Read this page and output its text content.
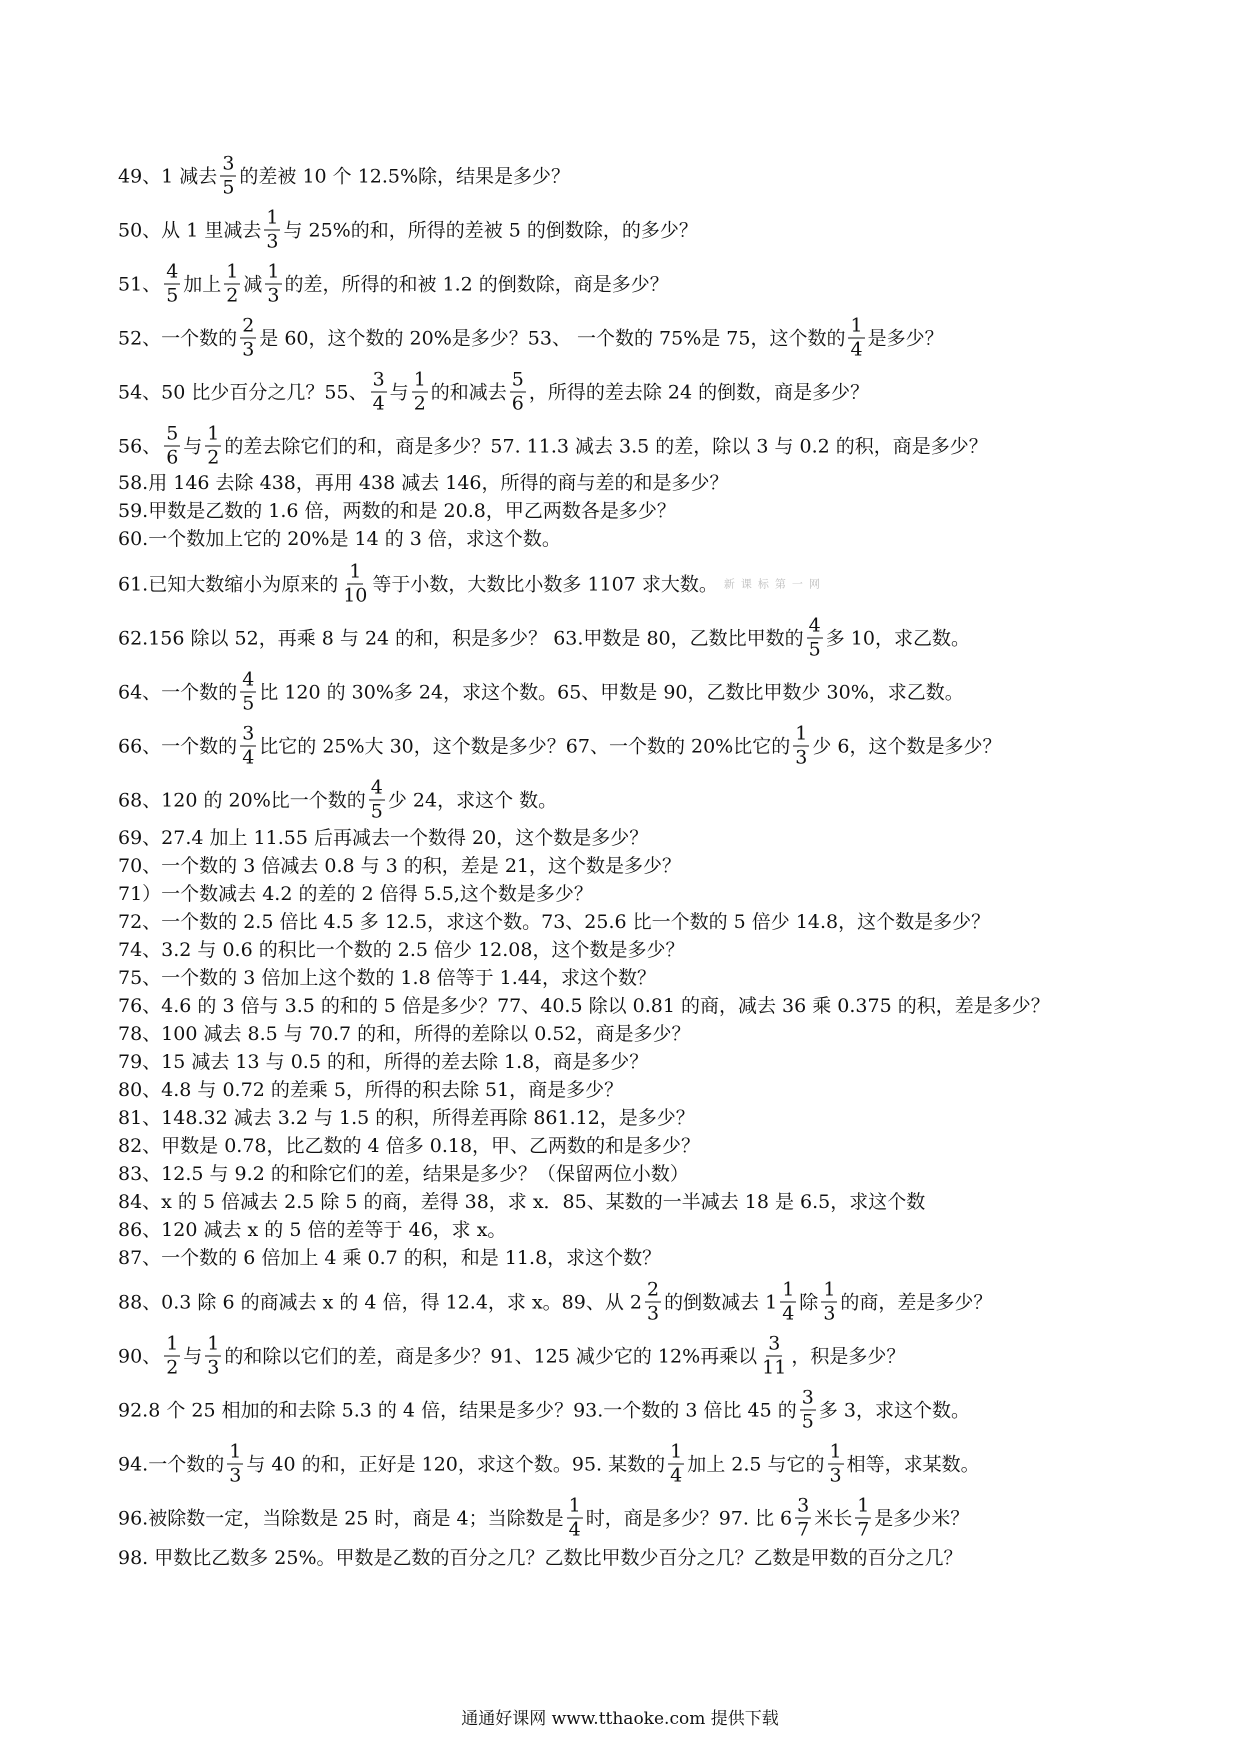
49、1 减去 $\frac{3}{5}$ 的差被 10 个 12.5%除，结果是多少？
50、从 1 里减去 $\frac{1}{3}$ 与 25%的和，所得的差被 5 的倒数除，的多少？
51、 $\frac{4}{5}$ 加上 $\frac{1}{2}$ 减 $\frac{1}{3}$ 的差，所得的和被 1.2 的倒数除，商是多少？
52、一个数的 $\frac{2}{3}$ 是 60，这个数的 20%是多少？53、 一个数的 75%是 75，这个数的 $\frac{1}{4}$ 是多少？
54、50 比少百分之几？55、 $\frac{3}{4}$ 与 $\frac{1}{2}$ 的和减去 $\frac{5}{6}$ ，所得的差去除 24 的倒数，商是多少？
56、 $\frac{5}{6}$ 与 $\frac{1}{2}$ 的差去除它们的和，商是多少？57. 11.3 减去 3.5 的差，除以 3 与 0.2 的积，商是多少？
58.用 146 去除 438，再用 438 减去 146，所得的商与差的和是多少？
59.甲数是乙数的 1.6 倍，两数的和是 20.8，甲乙两数各是多少？
60.一个数加上它的 20%是 14 的 3 倍，求这个数。
61.已知大数缩小为原来的 $\frac{1}{10}$ 等于小数，大数比小数多 1107 求大数。 新课标第一网
62.156 除以 52，再乘 8 与 24 的和，积是多少？ 63.甲数是 80，乙数比甲数的 $\frac{4}{5}$ 多 10，求乙数。
64、一个数的 $\frac{4}{5}$ 比 120 的 30%多 24，求这个数。65、甲数是 90，乙数比甲数少 30%，求乙数。
66、一个数的 $\frac{3}{4}$ 比它的 25%大 30，这个数是多少？67、一个数的 20%比它的 $\frac{1}{3}$ 少 6，这个数是多少？
68、120 的 20%比一个数的 $\frac{4}{5}$ 少 24，求这个 数。
69、27.4 加上 11.55 后再减去一个数得 20，这个数是多少？
70、一个数的 3 倍减去 0.8 与 3 的积，差是 21，这个数是多少？
71）一个数减去 4.2 的差的 2 倍得 5.5,这个数是多少？
72、一个数的 2.5 倍比 4.5 多 12.5，求这个数。73、25.6 比一个数的 5 倍少 14.8，这个数是多少？
74、3.2 与 0.6 的积比一个数的 2.5 倍少 12.08，这个数是多少？
75、一个数的 3 倍加上这个数的 1.8 倍等于 1.44，求这个数？
76、4.6 的 3 倍与 3.5 的和的 5 倍是多少？77、40.5 除以 0.81 的商，减去 36 乘 0.375 的积，差是多少？
78、100 减去 8.5 与 70.7 的和，所得的差除以 0.52，商是多少？
79、15 减去 13 与 0.5 的和，所得的差去除 1.8，商是多少？
80、4.8 与 0.72 的差乘 5，所得的积去除 51，商是多少？
81、148.32 减去 3.2 与 1.5 的积，所得差再除 861.12，是多少？
82、甲数是 0.78，比乙数的 4 倍多 0.18，甲、乙两数的和是多少？
83、12.5 与 9.2 的和除它们的差，结果是多少？（保留两位小数）
84、x 的 5 倍减去 2.5 除 5 的商，差得 38，求 x．85、某数的一半减去 18 是 6.5，求这个数
86、120 减去 x 的 5 倍的差等于 46，求 x。
87、一个数的 6 倍加上 4 乘 0.7 的积，和是 11.8，求这个数？
88、0.3 除 6 的商减去 x 的 4 倍，得 12.4，求 x。89、从 $2 \frac{2}{3}$ 的倒数减去 $1 \frac{1}{4}$ 除 $\frac{1}{3}$ 的商，差是多少？
90、 $\frac{1}{2}$ 与 $\frac{1}{3}$ 的和除以它们的差，商是多少？91、125 减少它的 12%再乘以 $\frac{3}{11}$ ，积是多少？
92.8 个 25 相加的和去除 5.3 的 4 倍，结果是多少？93.一个数的 3 倍比 45 的 $\frac{3}{5}$ 多 3，求这个数。
94.一个数的 $\frac{1}{3}$ 与 40 的和，正好是 120，求这个数。95. 某数的 $\frac{1}{4}$ 加上 2.5 与它的 $\frac{1}{3}$ 相等，求某数。
96.被除数一定，当除数是 25 时，商是 4；当除数是 $\frac{1}{4}$ 时，商是多少？97. 比 $6 \frac{3}{7}$ 米长 $\frac{1}{7}$ 是多少米？
98. 甲数比乙数多 25%。甲数是乙数的百分之几？乙数比甲数少百分之几？乙数是甲数的百分之几？
通通好课网 www.tthaoke.com 提供下载
